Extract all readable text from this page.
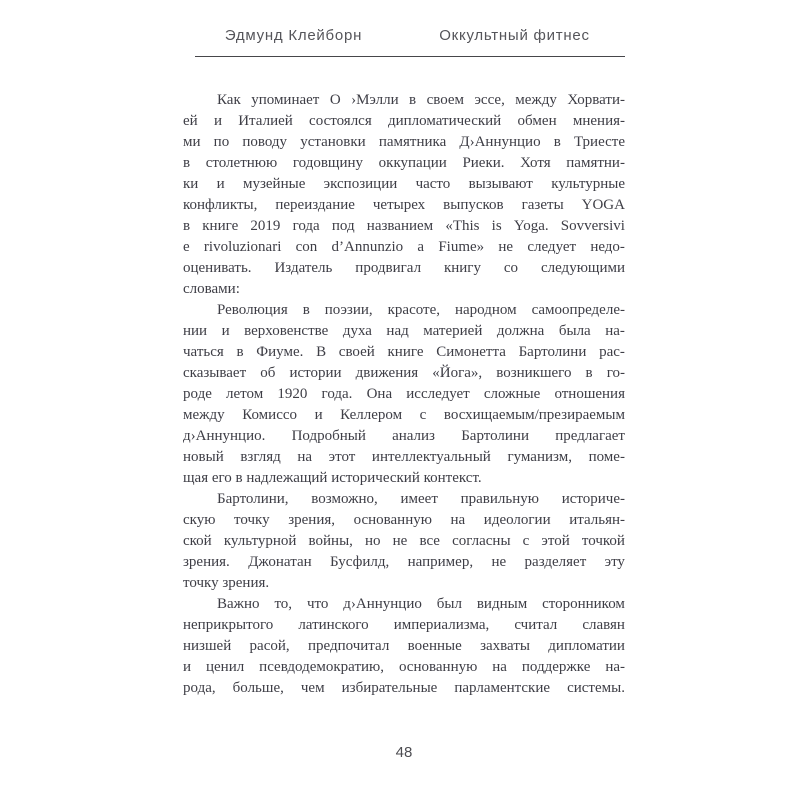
Эдмунд Клейборн	Оккультный фитнес
Как упоминает О ›Мэлли в своем эссе, между Хорвати-
ей и Италией состоялся дипломатический обмен мнения-
ми по поводу установки памятника Д›Аннунцио в Триесте
в столетнюю годовщину оккупации Риеки. Хотя памятни-
ки и музейные экспозиции часто вызывают культурные
конфликты, переиздание четырех выпусков газеты YOGA
в книге 2019 года под названием «This is Yoga. Sovversivi
e rivoluzionari con d’Annunzio a Fiume» не следует недо-
оценивать. Издатель продвигал книгу со следующими
словами:
Революция в поэзии, красоте, народном самоопределе-
нии и верховенстве духа над материей должна была на-
чаться в Фиуме. В своей книге Симонетта Бартолини рас-
сказывает об истории движения «Йога», возникшего в го-
роде летом 1920 года. Она исследует сложные отношения
между Комиссо и Келлером с восхищаемым/презираемым
д›Аннунцио. Подробный анализ Бартолини предлагает
новый взгляд на этот интеллектуальный гуманизм, поме-
щая его в надлежащий исторический контекст.
Бартолини, возможно, имеет правильную историче-
скую точку зрения, основанную на идеологии итальян-
ской культурной войны, но не все согласны с этой точкой
зрения. Джонатан Бусфилд, например, не разделяет эту
точку зрения.
Важно то, что д›Аннунцио был видным сторонником
неприкрытого латинского империализма, считал славян
низшей расой, предпочитал военные захваты дипломатии
и ценил псевдодемократию, основанную на поддержке на-
рода, больше, чем избирательные парламентские системы.
48
